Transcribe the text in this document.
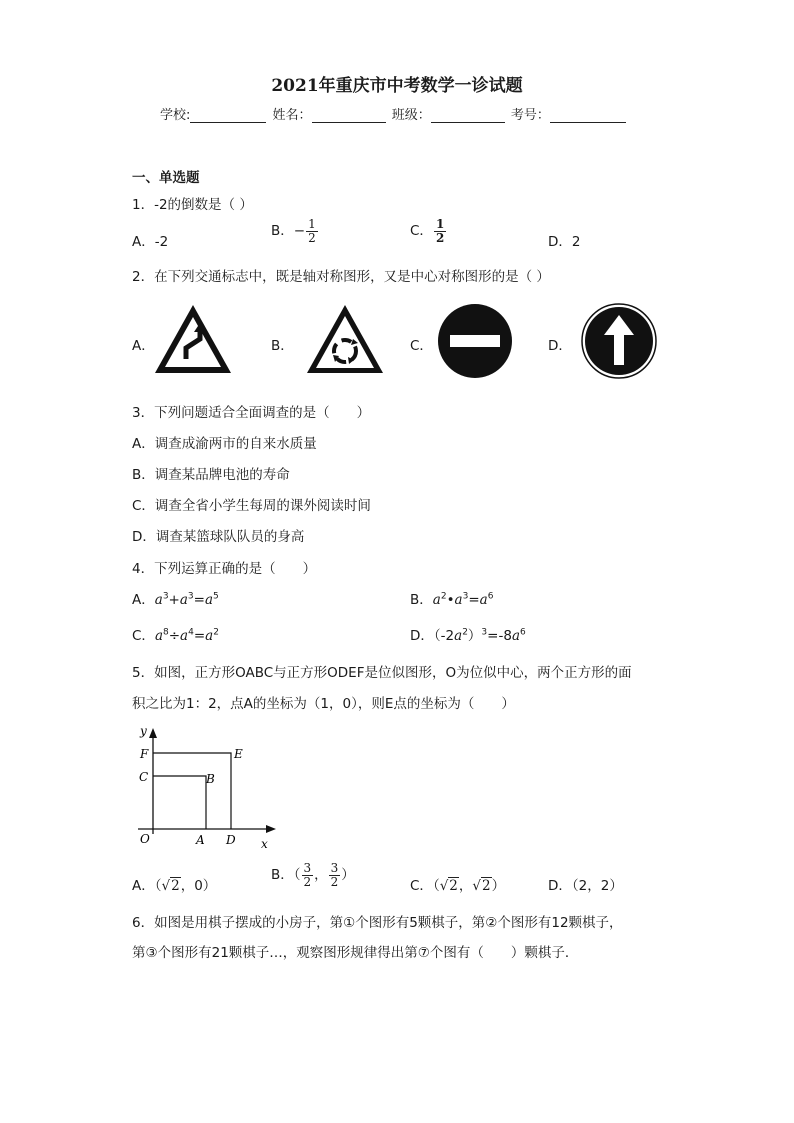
2021年重庆市中考数学一诊试题
学校:	姓名：	班级：	考号：
一、单选题
1．-2的倒数是（ ）
A．-2
B．− $\frac{1}{2}$	C． $\frac{1}{2}$	D．2
2．在下列交通标志中，既是轴对称图形，又是中心对称图形的是（ ）
A．	B．	C．	D．
3．下列问题适合全面调查的是（　　）
A．调查成渝两市的自来水质量
B．调查某品牌电池的寿命
C．调查全省小学生每周的课外阅读时间
D．调查某篮球队队员的身高
4．下列运算正确的是（　　）
A．$a^3+a^3=a^5$	B．$a^2•a^3=a^6$
C．$a^8\div a^4=a^2$	D．$(-2a^2)^3=-8a^6$
5．如图，正方形OABC与正方形ODEF是位似图形，O为位似中心，两个正方形的面
积之比为1：2，点A的坐标为（1，0），则E点的坐标为（　　）
y
F	E
C	B
O	A D x
A．（√2，0）
B．（ $\frac{3}{2}$ ， $\frac{3}{2}$ ）
C．（√2，√2）	D．（2，2）
6．如图是用棋子摆成的小房子，第①个图形有5颗棋子，第②个图形有12颗棋子，
第③个图形有21颗棋子…，观察图形规律得出第⑦个图有（　　）颗棋子．
